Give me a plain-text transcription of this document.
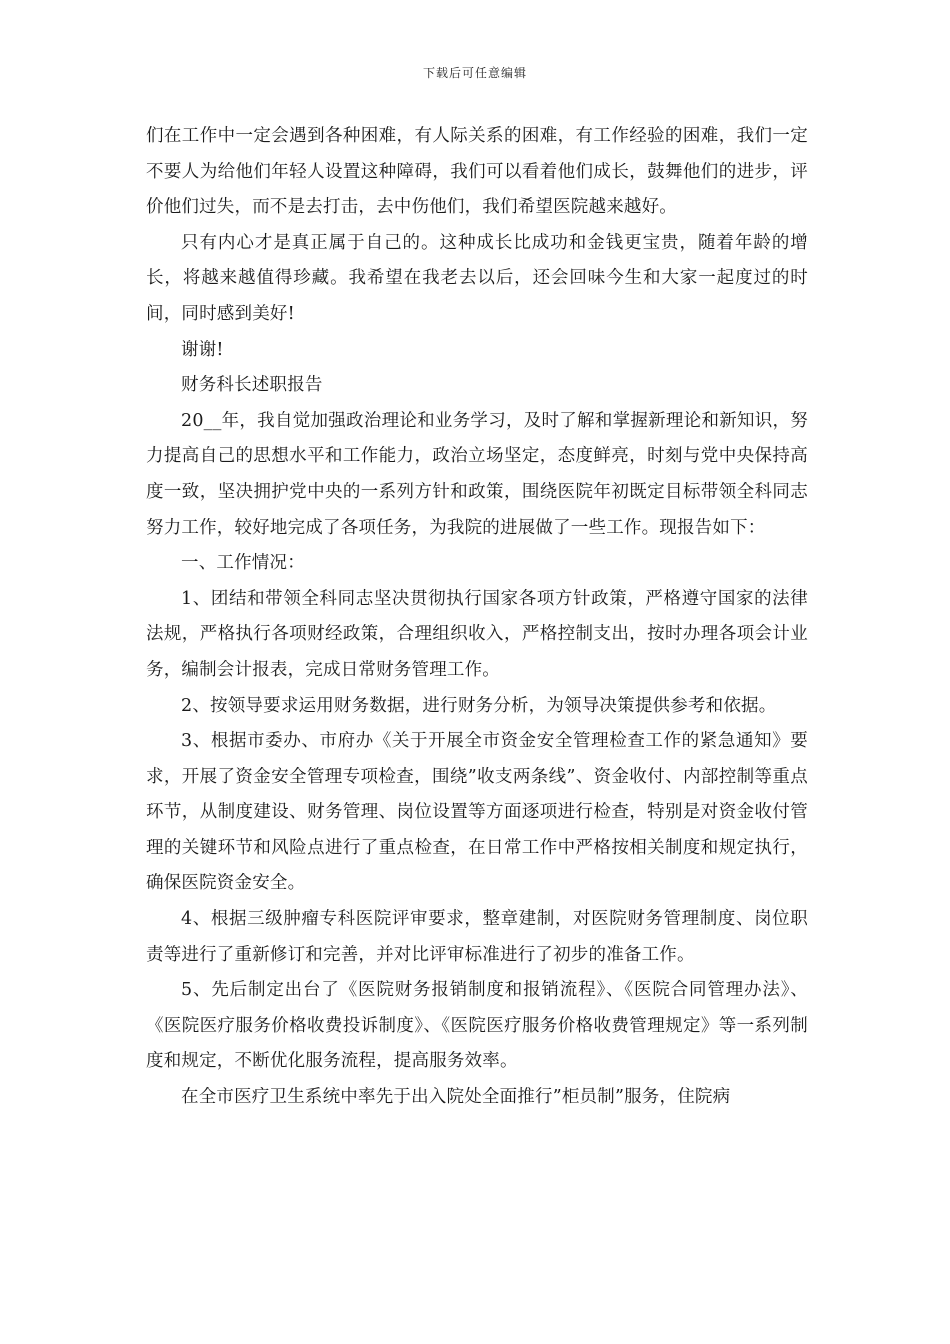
下载后可任意编辑

们在工作中一定会遇到各种困难，有人际关系的困难，有工作经验的困难，我们一定不要人为给他们年轻人设置这种障碍，我们可以看着他们成长，鼓舞他们的进步，评价他们过失，而不是去打击，去中伤他们，我们希望医院越来越好。

只有内心才是真正属于自己的。这种成长比成功和金钱更宝贵，随着年龄的增长，将越来越值得珍藏。我希望在我老去以后，还会回味今生和大家一起度过的时间，同时感到美好!

谢谢!

财务科长述职报告

20__年，我自觉加强政治理论和业务学习，及时了解和掌握新理论和新知识，努力提高自己的思想水平和工作能力，政治立场坚定，态度鲜亮，时刻与党中央保持高度一致，坚决拥护党中央的一系列方针和政策，围绕医院年初既定目标带领全科同志努力工作，较好地完成了各项任务，为我院的进展做了一些工作。现报告如下：

一、工作情况：

1、团结和带领全科同志坚决贯彻执行国家各项方针政策，严格遵守国家的法律法规，严格执行各项财经政策，合理组织收入，严格控制支出，按时办理各项会计业务，编制会计报表，完成日常财务管理工作。

2、按领导要求运用财务数据，进行财务分析，为领导决策提供参考和依据。

3、根据市委办、市府办《关于开展全市资金安全管理检查工作的紧急通知》要求，开展了资金安全管理专项检查，围绕”收支两条线”、资金收付、内部控制等重点环节，从制度建设、财务管理、岗位设置等方面逐项进行检查，特别是对资金收付管理的关键环节和风险点进行了重点检查，在日常工作中严格按相关制度和规定执行，确保医院资金安全。

4、根据三级肿瘤专科医院评审要求，整章建制，对医院财务管理制度、岗位职责等进行了重新修订和完善，并对比评审标准进行了初步的准备工作。

5、先后制定出台了《医院财务报销制度和报销流程》、《医院合同管理办法》、《医院医疗服务价格收费投诉制度》、《医院医疗服务价格收费管理规定》等一系列制度和规定，不断优化服务流程，提高服务效率。

在全市医疗卫生系统中率先于出入院处全面推行”柜员制”服务，住院病
